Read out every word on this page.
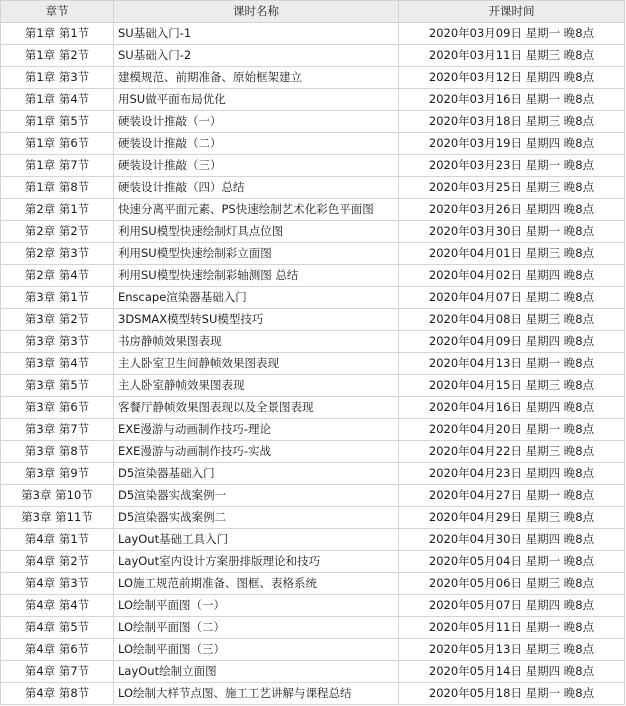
章节	课时名称	开课时间
第1章 第1节	SU基础入门-1	2020年03月09日 星期一 晚8点
第1章 第2节	SU基础入门-2	2020年03月11日 星期三 晚8点
第1章 第3节	建模规范、前期准备、原始框架建立	2020年03月12日 星期四 晚8点
第1章 第4节	用SU做平面布局优化	2020年03月16日 星期一 晚8点
第1章 第5节	硬装设计推敲（一）	2020年03月18日 星期三 晚8点
第1章 第6节	硬装设计推敲（二）	2020年03月19日 星期四 晚8点
第1章 第7节	硬装设计推敲（三）	2020年03月23日 星期一 晚8点
第1章 第8节	硬装设计推敲（四）总结	2020年03月25日 星期三 晚8点
第2章 第1节	快速分离平面元素、PS快速绘制艺术化彩色平面图	2020年03月26日 星期四 晚8点
第2章 第2节	利用SU模型快速绘制灯具点位图	2020年03月30日 星期一 晚8点
第2章 第3节	利用SU模型快速绘制彩立面图	2020年04月01日 星期三 晚8点
第2章 第4节	利用SU模型快速绘制彩轴测图 总结	2020年04月02日 星期四 晚8点
第3章 第1节	Enscape渲染器基础入门	2020年04月07日 星期二 晚8点
第3章 第2节	3DSMAX模型转SU模型技巧	2020年04月08日 星期三 晚8点
第3章 第3节	书房静帧效果图表现	2020年04月09日 星期四 晚8点
第3章 第4节	主人卧室卫生间静帧效果图表现	2020年04月13日 星期一 晚8点
第3章 第5节	主人卧室静帧效果图表现	2020年04月15日 星期三 晚8点
第3章 第6节	客餐厅静帧效果图表现以及全景图表现	2020年04月16日 星期四 晚8点
第3章 第7节	EXE漫游与动画制作技巧-理论	2020年04月20日 星期一 晚8点
第3章 第8节	EXE漫游与动画制作技巧-实战	2020年04月22日 星期三 晚8点
第3章 第9节	D5渲染器基础入门	2020年04月23日 星期四 晚8点
第3章 第10节	D5渲染器实战案例一	2020年04月27日 星期一 晚8点
第3章 第11节	D5渲染器实战案例二	2020年04月29日 星期三 晚8点
第4章 第1节	LayOut基础工具入门	2020年04月30日 星期四 晚8点
第4章 第2节	LayOut室内设计方案册排版理论和技巧	2020年05月04日 星期一 晚8点
第4章 第3节	LO施工规范前期准备、图框、表格系统	2020年05月06日 星期三 晚8点
第4章 第4节	LO绘制平面图（一）	2020年05月07日 星期四 晚8点
第4章 第5节	LO绘制平面图（二）	2020年05月11日 星期一 晚8点
第4章 第6节	LO绘制平面图（三）	2020年05月13日 星期三 晚8点
第4章 第7节	LayOut绘制立面图	2020年05月14日 星期四 晚8点
第4章 第8节	LO绘制大样节点图、施工工艺讲解与课程总结	2020年05月18日 星期一 晚8点
